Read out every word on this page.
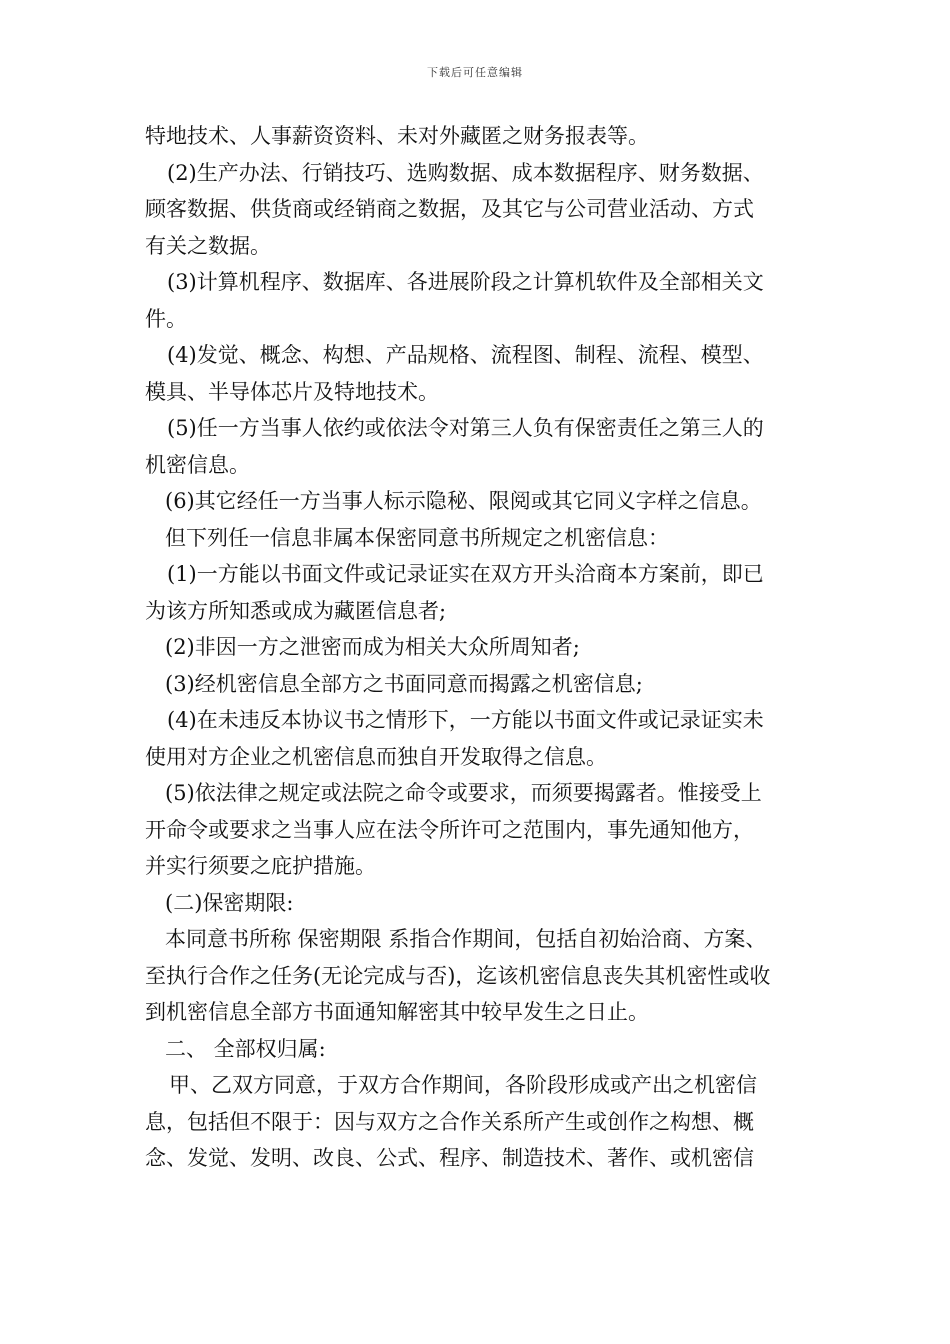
下载后可任意编辑

特地技术、人事薪资资料、未对外藏匿之财务报表等。

(2)生产办法、行销技巧、选购数据、成本数据程序、财务数据、

顾客数据、供货商或经销商之数据，及其它与公司营业活动、方式

有关之数据。

(3)计算机程序、数据库、各进展阶段之计算机软件及全部相关文

件。

(4)发觉、概念、构想、产品规格、流程图、制程、流程、模型、

模具、半导体芯片及特地技术。

(5)任一方当事人依约或依法令对第三人负有保密责任之第三人的

机密信息。

(6)其它经任一方当事人标示隐秘、限阅或其它同义字样之信息。

但下列任一信息非属本保密同意书所规定之机密信息：

(1)一方能以书面文件或记录证实在双方开头洽商本方案前，即已

为该方所知悉或成为藏匿信息者;

(2)非因一方之泄密而成为相关大众所周知者;

(3)经机密信息全部方之书面同意而揭露之机密信息;

(4)在未违反本协议书之情形下，一方能以书面文件或记录证实未

使用对方企业之机密信息而独自开发取得之信息。

(5)依法律之规定或法院之命令或要求，而须要揭露者。惟接受上

开命令或要求之当事人应在法令所许可之范围内，事先通知他方，

并实行须要之庇护措施。

(二)保密期限:

本同意书所称 保密期限 系指合作期间，包括自初始洽商、方案、

至执行合作之任务(无论完成与否)，迄该机密信息丧失其机密性或收

到机密信息全部方书面通知解密其中较早发生之日止。

二、 全部权归属:

甲、乙双方同意，于双方合作期间，各阶段形成或产出之机密信

息，包括但不限于：因与双方之合作关系所产生或创作之构想、概

念、发觉、发明、改良、公式、程序、制造技术、著作、或机密信
